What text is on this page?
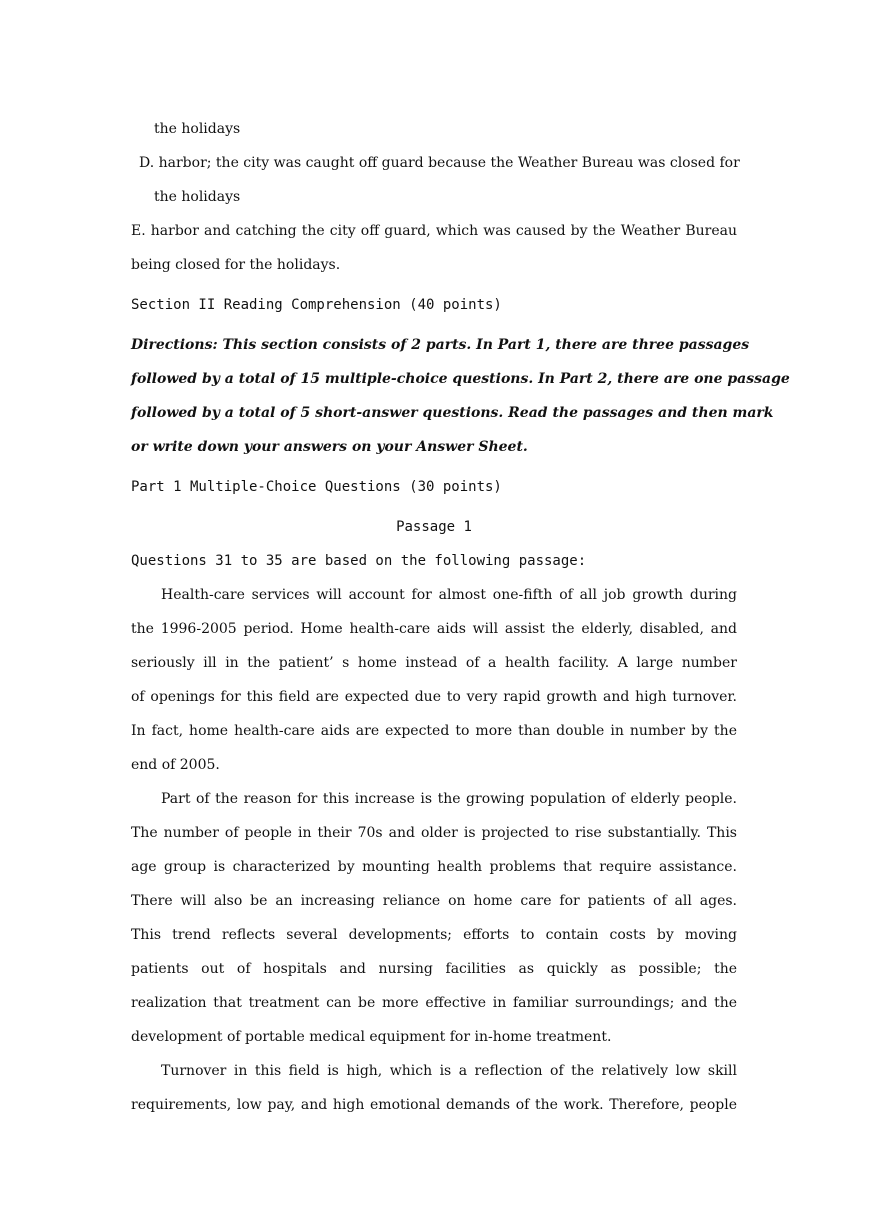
the holidays
D. harbor; the city was caught off guard because the Weather Bureau was closed for
the holidays
E. harbor and catching the city off guard, which was caused by the Weather Bureau
being closed for the holidays.
Section II Reading Comprehension (40 points)
Directions: This section consists of 2 parts. In Part 1, there are three passages
followed by a total of 15 multiple-choice questions. In Part 2, there are one passage
followed by a total of 5 short-answer questions. Read the passages and then mark
or write down your answers on your Answer Sheet.
Part 1 Multiple-Choice Questions (30 points)
Passage 1
Questions 31 to 35 are based on the following passage:
Health-care services will account for almost one-fifth of all job growth during
the 1996-2005 period. Home health-care aids will assist the elderly, disabled, and
seriously ill in the patient’ s home instead of a health facility. A large number
of openings for this field are expected due to very rapid growth and high turnover.
In fact, home health-care aids are expected to more than double in number by the
end of 2005.
Part of the reason for this increase is the growing population of elderly people.
The number of people in their 70s and older is projected to rise substantially. This
age group is characterized by mounting health problems that require assistance.
There will also be an increasing reliance on home care for patients of all ages.
This trend reflects several developments; efforts to contain costs by moving
patients out of hospitals and nursing facilities as quickly as possible; the
realization that treatment can be more effective in familiar surroundings; and the
development of portable medical equipment for in-home treatment.
Turnover in this field is high, which is a reflection of the relatively low skill
requirements, low pay, and high emotional demands of the work. Therefore, people
